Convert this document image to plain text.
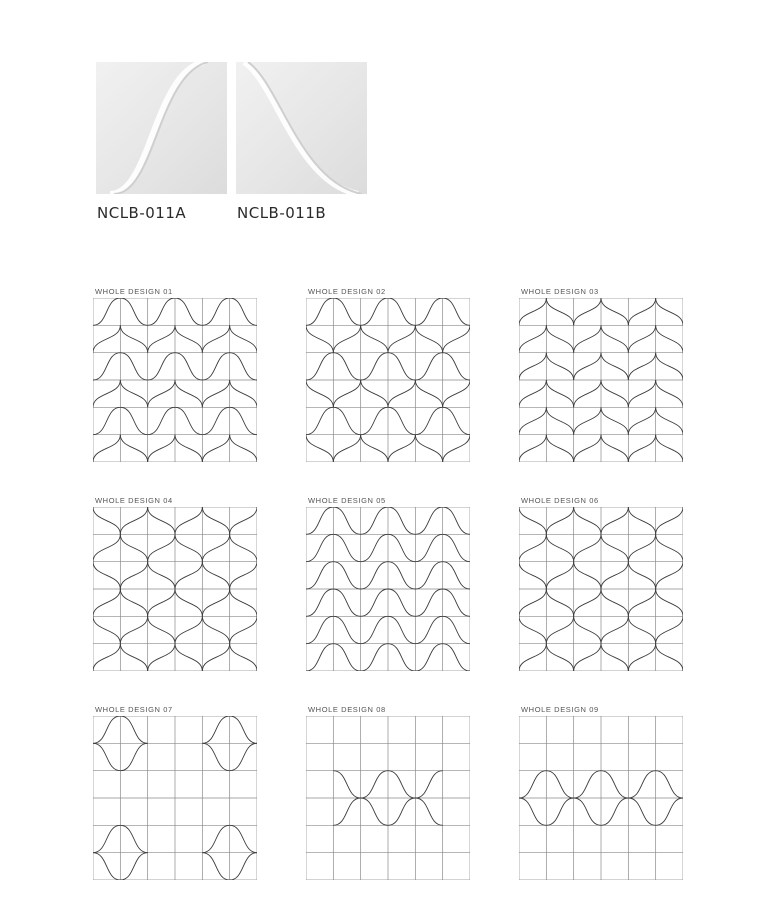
NCLB-011A	NCLB-011B
WHOLE DESIGN 01	WHOLE DESIGN 02	WHOLE DESIGN 03
WHOLE DESIGN 04	WHOLE DESIGN 05	WHOLE DESIGN 06
WHOLE DESIGN 07	WHOLE DESIGN 08	WHOLE DESIGN 09
